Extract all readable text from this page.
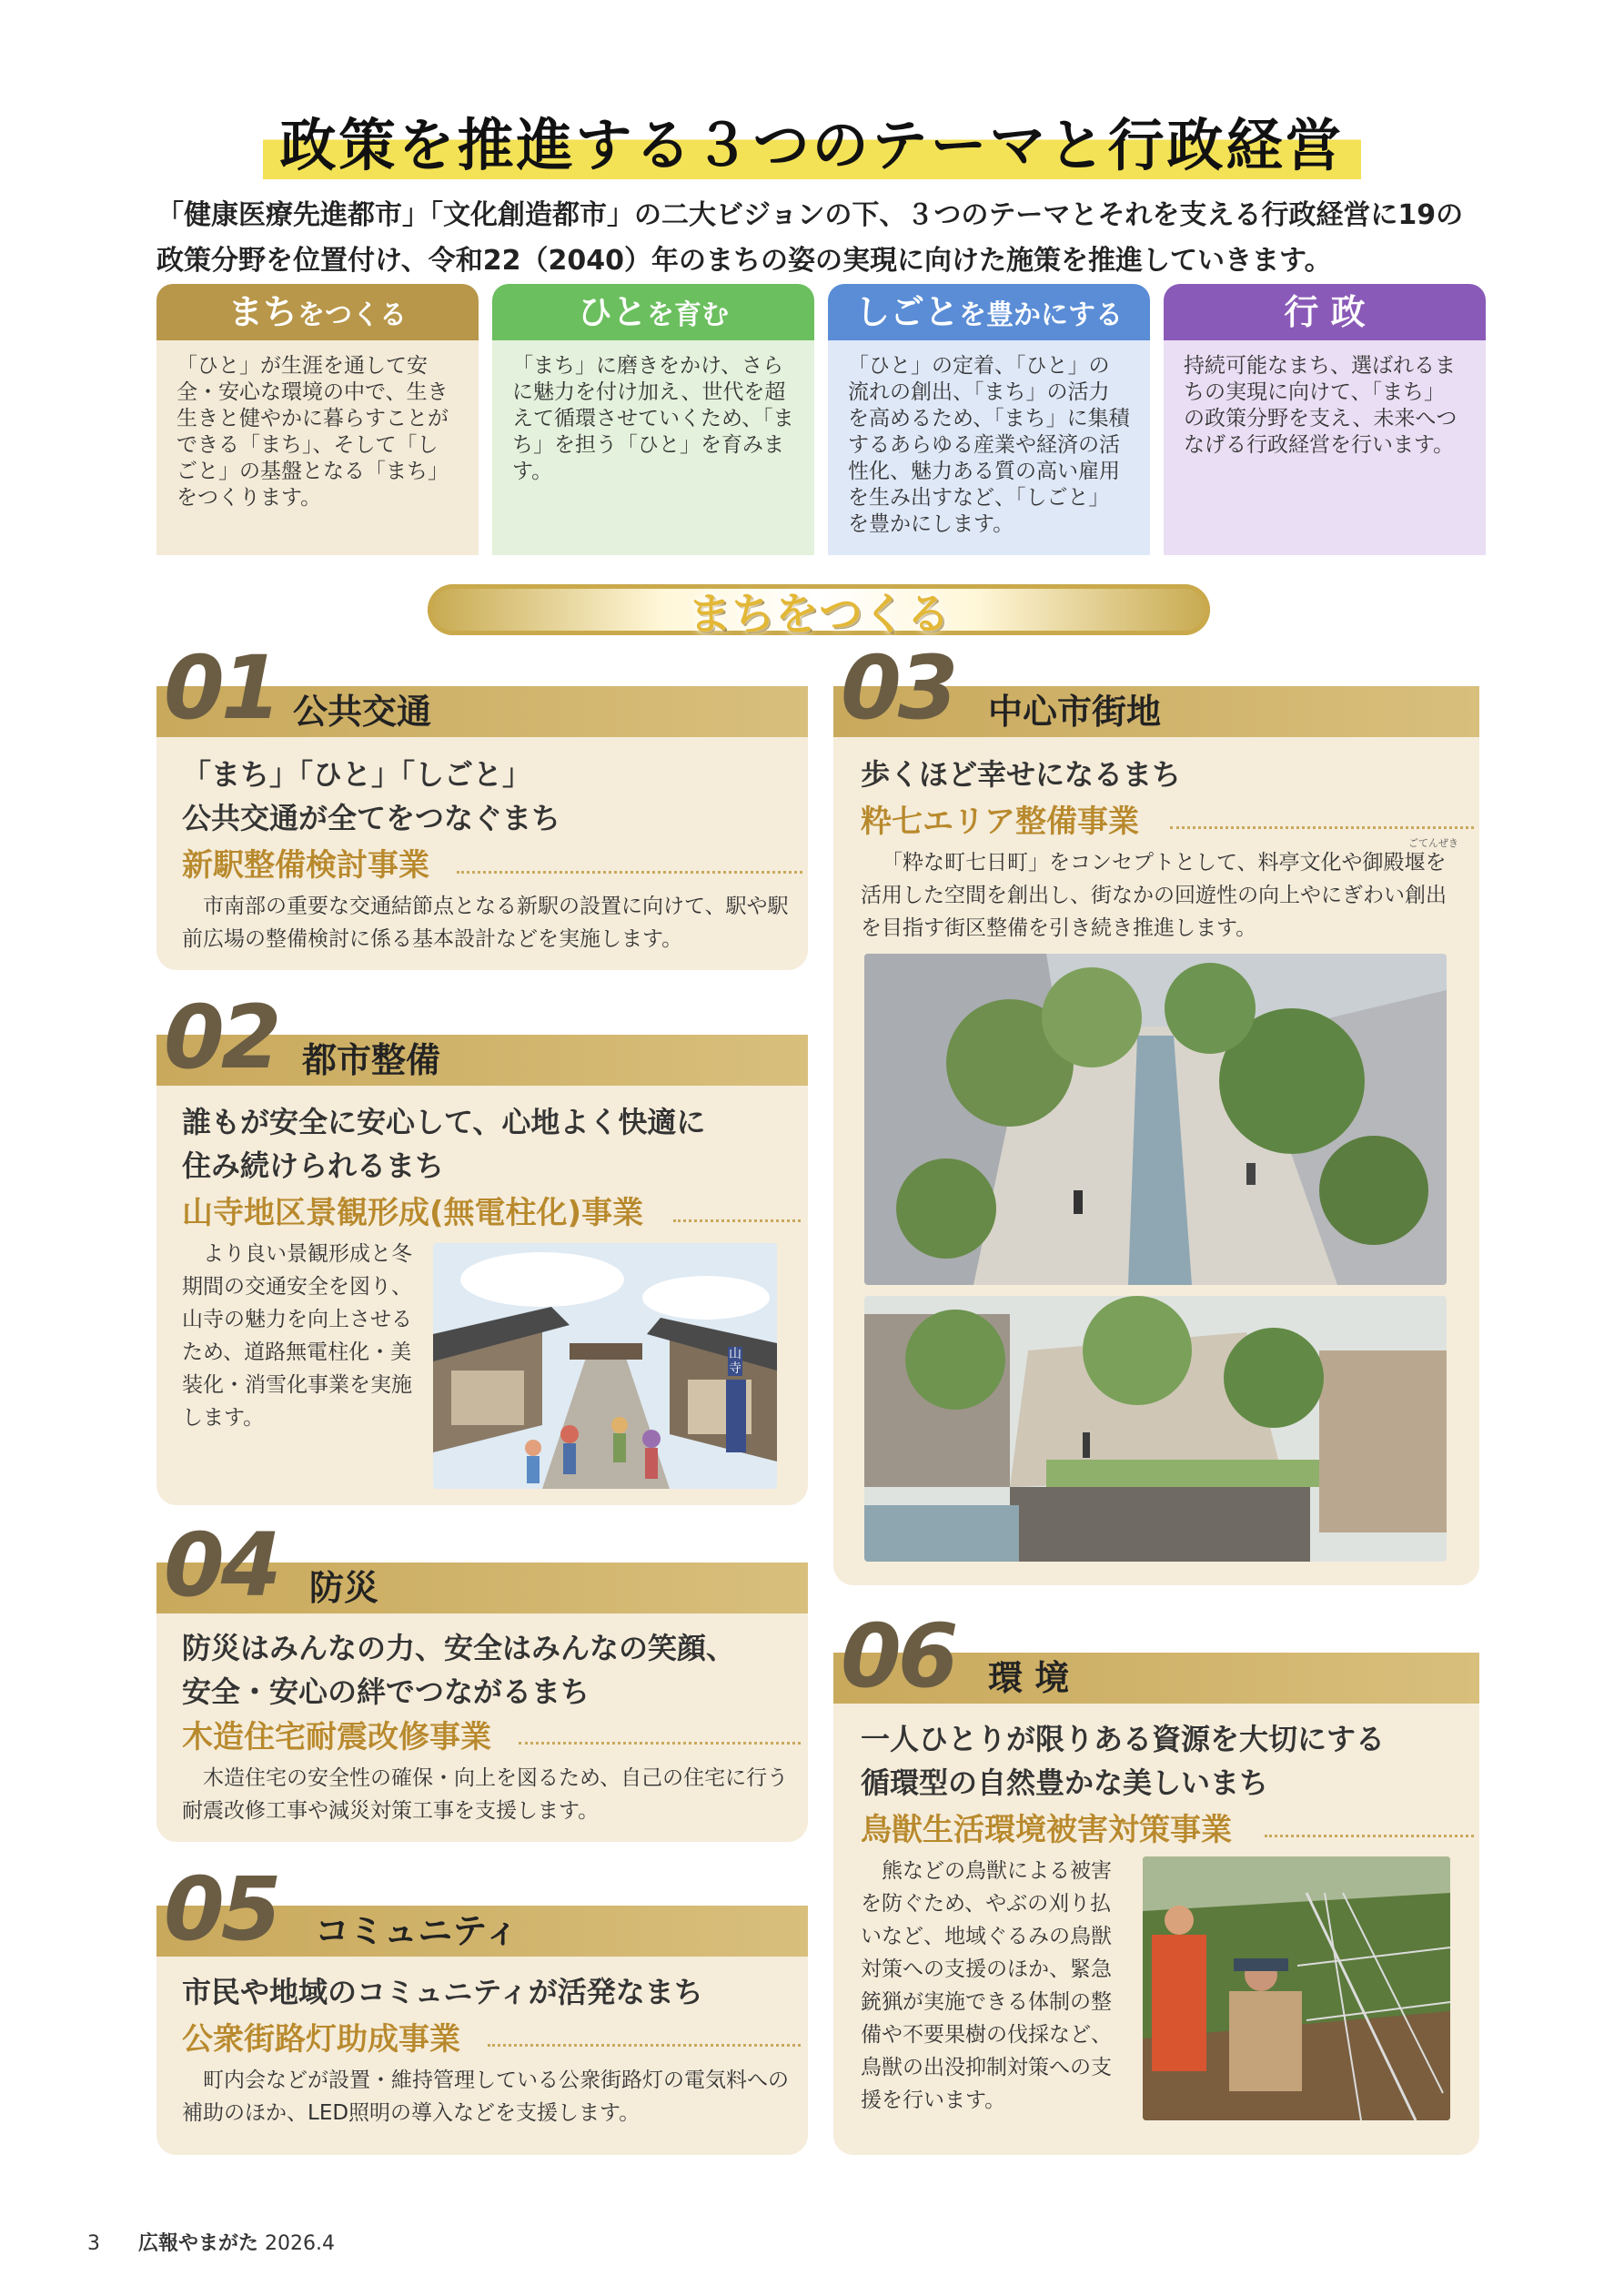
政策を推進する３つのテーマと行政経営
「健康医療先進都市」「文化創造都市」の二大ビジョンの下、３つのテーマとそれを支える行政経営に19の政策分野を位置付け、令和22（2040）年のまちの姿の実現に向けた施策を推進していきます。
まちをつくる
「ひと」が生涯を通して安全・安心な環境の中で、生き生きと健やかに暮らすことができる「まち」、そして「しごと」の基盤となる「まち」をつくります。
ひとを育む
「まち」に磨きをかけ、さらに魅力を付け加え、世代を超えて循環させていくため、「まち」を担う「ひと」を育みます。
しごとを豊かにする
「ひと」の定着、「ひと」の流れの創出、「まち」の活力を高めるため、「まち」に集積するあらゆる産業や経済の活性化、魅力ある質の高い雇用を生み出すなど、「しごと」を豊かにします。
行 政
持続可能なまち、選ばれるまちの実現に向けて、「まち」の政策分野を支え、未来へつなげる行政経営を行います。
まちをつくる
01 公共交通
「まち」「ひと」「しごと」
公共交通が全てをつなぐまち
新駅整備検討事業
市南部の重要な交通結節点となる新駅の設置に向けて、駅や駅前広場の整備検討に係る基本設計などを実施します。
02 都市整備
誰もが安全に安心して、心地よく快適に
住み続けられるまち
山寺地区景観形成(無電柱化)事業
より良い景観形成と冬期間の交通安全を図り、山寺の魅力を向上させるため、道路無電柱化・美装化・消雪化事業を実施します。
山寺
03 中心市街地
歩くほど幸せになるまち
粋七エリア整備事業
ごてんぜき
「粋な町七日町」をコンセプトとして、料亭文化や御殿堰を活用した空間を創出し、街なかの回遊性の向上やにぎわい創出を目指す街区整備を引き続き推進します。
04 防災
防災はみんなの力、安全はみんなの笑顔、
安全・安心の絆でつながるまち
木造住宅耐震改修事業
木造住宅の安全性の確保・向上を図るため、自己の住宅に行う耐震改修工事や減災対策工事を支援します。
05 コミュニティ
市民や地域のコミュニティが活発なまち
公衆街路灯助成事業
町内会などが設置・維持管理している公衆街路灯の電気料への補助のほか、LED照明の導入などを支援します。
06 環 境
一人ひとりが限りある資源を大切にする
循環型の自然豊かな美しいまち
鳥獣生活環境被害対策事業
熊などの鳥獣による被害を防ぐため、やぶの刈り払いなど、地域ぐるみの鳥獣対策への支援のほか、緊急銃猟が実施できる体制の整備や不要果樹の伐採など、鳥獣の出没抑制対策への支援を行います。
3 広報やまがた 2026.4
